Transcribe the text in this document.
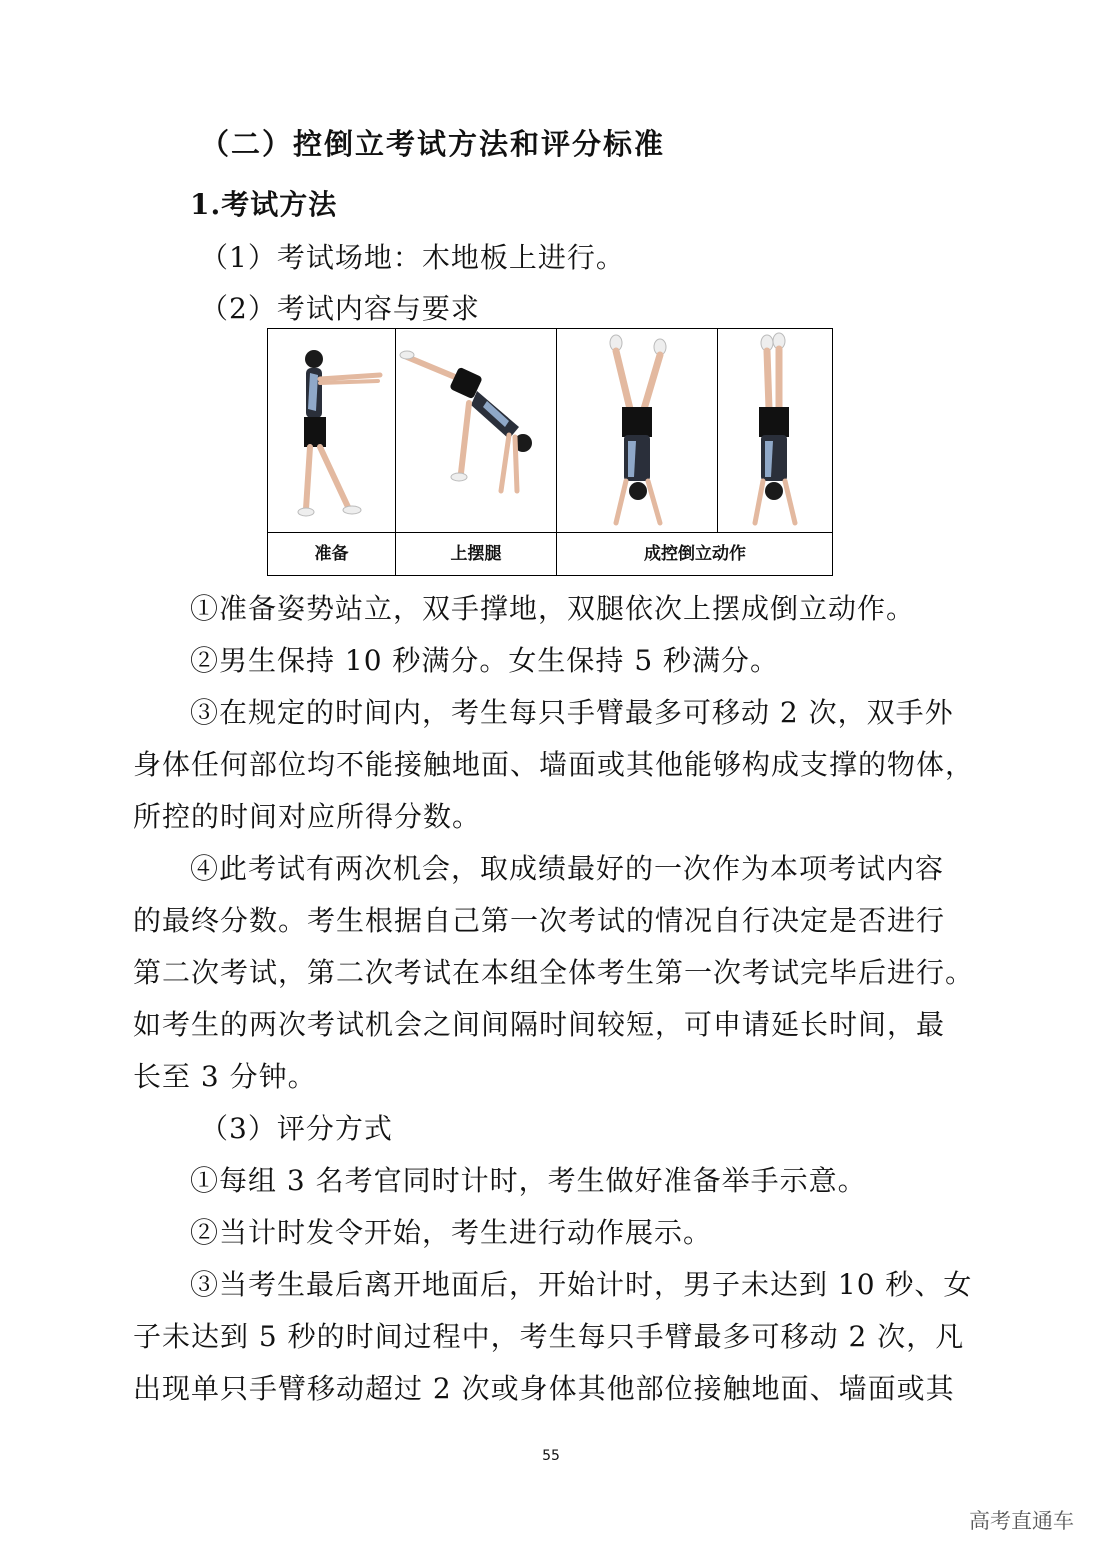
（二）控倒立考试方法和评分标准
1.考试方法
（1）考试场地：木地板上进行。
（2）考试内容与要求
准备	上摆腿	成控倒立动作
①准备姿势站立，双手撑地，双腿依次上摆成倒立动作。
②男生保持 10 秒满分。女生保持 5 秒满分。
③在规定的时间内，考生每只手臂最多可移动 2 次，双手外
身体任何部位均不能接触地面、墙面或其他能够构成支撑的物体，
所控的时间对应所得分数。
④此考试有两次机会，取成绩最好的一次作为本项考试内容
的最终分数。考生根据自己第一次考试的情况自行决定是否进行
第二次考试，第二次考试在本组全体考生第一次考试完毕后进行。
如考生的两次考试机会之间间隔时间较短，可申请延长时间，最
长至 3 分钟。
（3）评分方式
①每组 3 名考官同时计时，考生做好准备举手示意。
②当计时发令开始，考生进行动作展示。
③当考生最后离开地面后，开始计时，男子未达到 10 秒、女
子未达到 5 秒的时间过程中，考生每只手臂最多可移动 2 次，凡
出现单只手臂移动超过 2 次或身体其他部位接触地面、墙面或其
55
高考直通车
